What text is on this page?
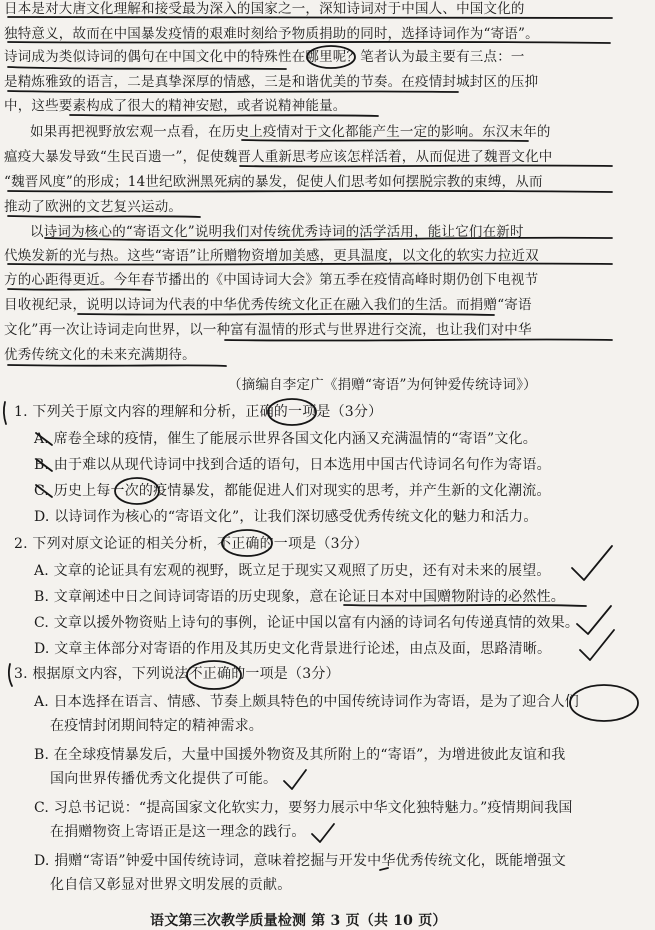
日本是对大唐文化理解和接受最为深入的国家之一，深知诗词对于中国人、中国文化的
独特意义，故而在中国暴发疫情的艰难时刻给予物质捐助的同时，选择诗词作为“寄语”。
诗词成为类似诗词的偶句在中国文化中的特殊性在哪里呢？笔者认为最主要有三点：一
是精炼雅致的语言，二是真挚深厚的情感，三是和谐优美的节奏。在疫情封城封区的压抑
中，这些要素构成了很大的精神安慰，或者说精神能量。
如果再把视野放宏观一点看，在历史上疫情对于文化都能产生一定的影响。东汉末年的
瘟疫大暴发导致“生民百遗一”，促使魏晋人重新思考应该怎样活着，从而促进了魏晋文化中
“魏晋风度”的形成；14世纪欧洲黑死病的暴发，促使人们思考如何摆脱宗教的束缚，从而
推动了欧洲的文艺复兴运动。
以诗词为核心的“寄语文化”说明我们对传统优秀诗词的活学活用，能让它们在新时
代焕发新的光与热。这些“寄语”让所赠物资增加美感，更具温度，以文化的软实力拉近双
方的心距得更近。今年春节播出的《中国诗词大会》第五季在疫情高峰时期仍创下电视节
目收视纪录，说明以诗词为代表的中华优秀传统文化正在融入我们的生活。而捐赠“寄语
文化”再一次让诗词走向世界，以一种富有温情的形式与世界进行交流，也让我们对中华
优秀传统文化的未来充满期待。
（摘编自李定广《捐赠“寄语”为何钟爱传统诗词》）
1. 下列关于原文内容的理解和分析，正确的一项是（3分）
A. 席卷全球的疫情，催生了能展示世界各国文化内涵又充满温情的“寄语”文化。
B. 由于难以从现代诗词中找到合适的语句，日本选用中国古代诗词名句作为寄语。
C. 历史上每一次的疫情暴发，都能促进人们对现实的思考，并产生新的文化潮流。
D. 以诗词作为核心的“寄语文化”，让我们深切感受优秀传统文化的魅力和活力。
2. 下列对原文论证的相关分析，不正确的一项是（3分）
A. 文章的论证具有宏观的视野，既立足于现实又观照了历史，还有对未来的展望。
B. 文章阐述中日之间诗词寄语的历史现象，意在论证日本对中国赠物附诗的必然性。
C. 文章以援外物资贴上诗句的事例，论证中国以富有内涵的诗词名句传递真情的效果。
D. 文章主体部分对寄语的作用及其历史文化背景进行论述，由点及面，思路清晰。
3. 根据原文内容，下列说法不正确的一项是（3分）
A. 日本选择在语言、情感、节奏上颇具特色的中国传统诗词作为寄语，是为了迎合人们
在疫情封闭期间特定的精神需求。
B. 在全球疫情暴发后，大量中国援外物资及其所附上的“寄语”，为增进彼此友谊和我
国向世界传播优秀文化提供了可能。
C. 习总书记说：“提高国家文化软实力，要努力展示中华文化独特魅力。”疫情期间我国
在捐赠物资上寄语正是这一理念的践行。
D. 捐赠“寄语”钟爱中国传统诗词，意味着挖掘与开发中华优秀传统文化，既能增强文
化自信又彰显对世界文明发展的贡献。
语文第三次教学质量检测 第 3 页（共 10 页）
